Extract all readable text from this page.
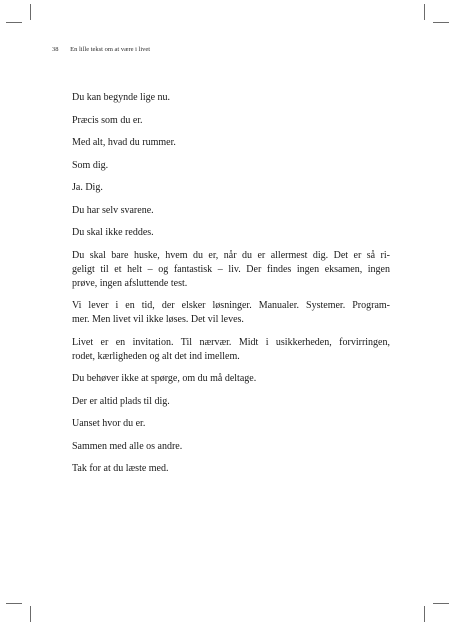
38 En lille tekst om at være i livet

Du kan begynde lige nu.

Præcis som du er.

Med alt, hvad du rummer.

Som dig.

Ja. Dig.

Du har selv svarene.

Du skal ikke reddes.

Du skal bare huske, hvem du er, når du er allermest dig. Det er så ri-
geligt til et helt – og fantastisk – liv. Der findes ingen eksamen, ingen
prøve, ingen afsluttende test.

Vi lever i en tid, der elsker løsninger. Manualer. Systemer. Program-
mer. Men livet vil ikke løses. Det vil leves.

Livet er en invitation. Til nærvær. Midt i usikkerheden, forvirringen,
rodet, kærligheden og alt det ind imellem.

Du behøver ikke at spørge, om du må deltage.

Der er altid plads til dig.

Uanset hvor du er.

Sammen med alle os andre.

Tak for at du læste med.
